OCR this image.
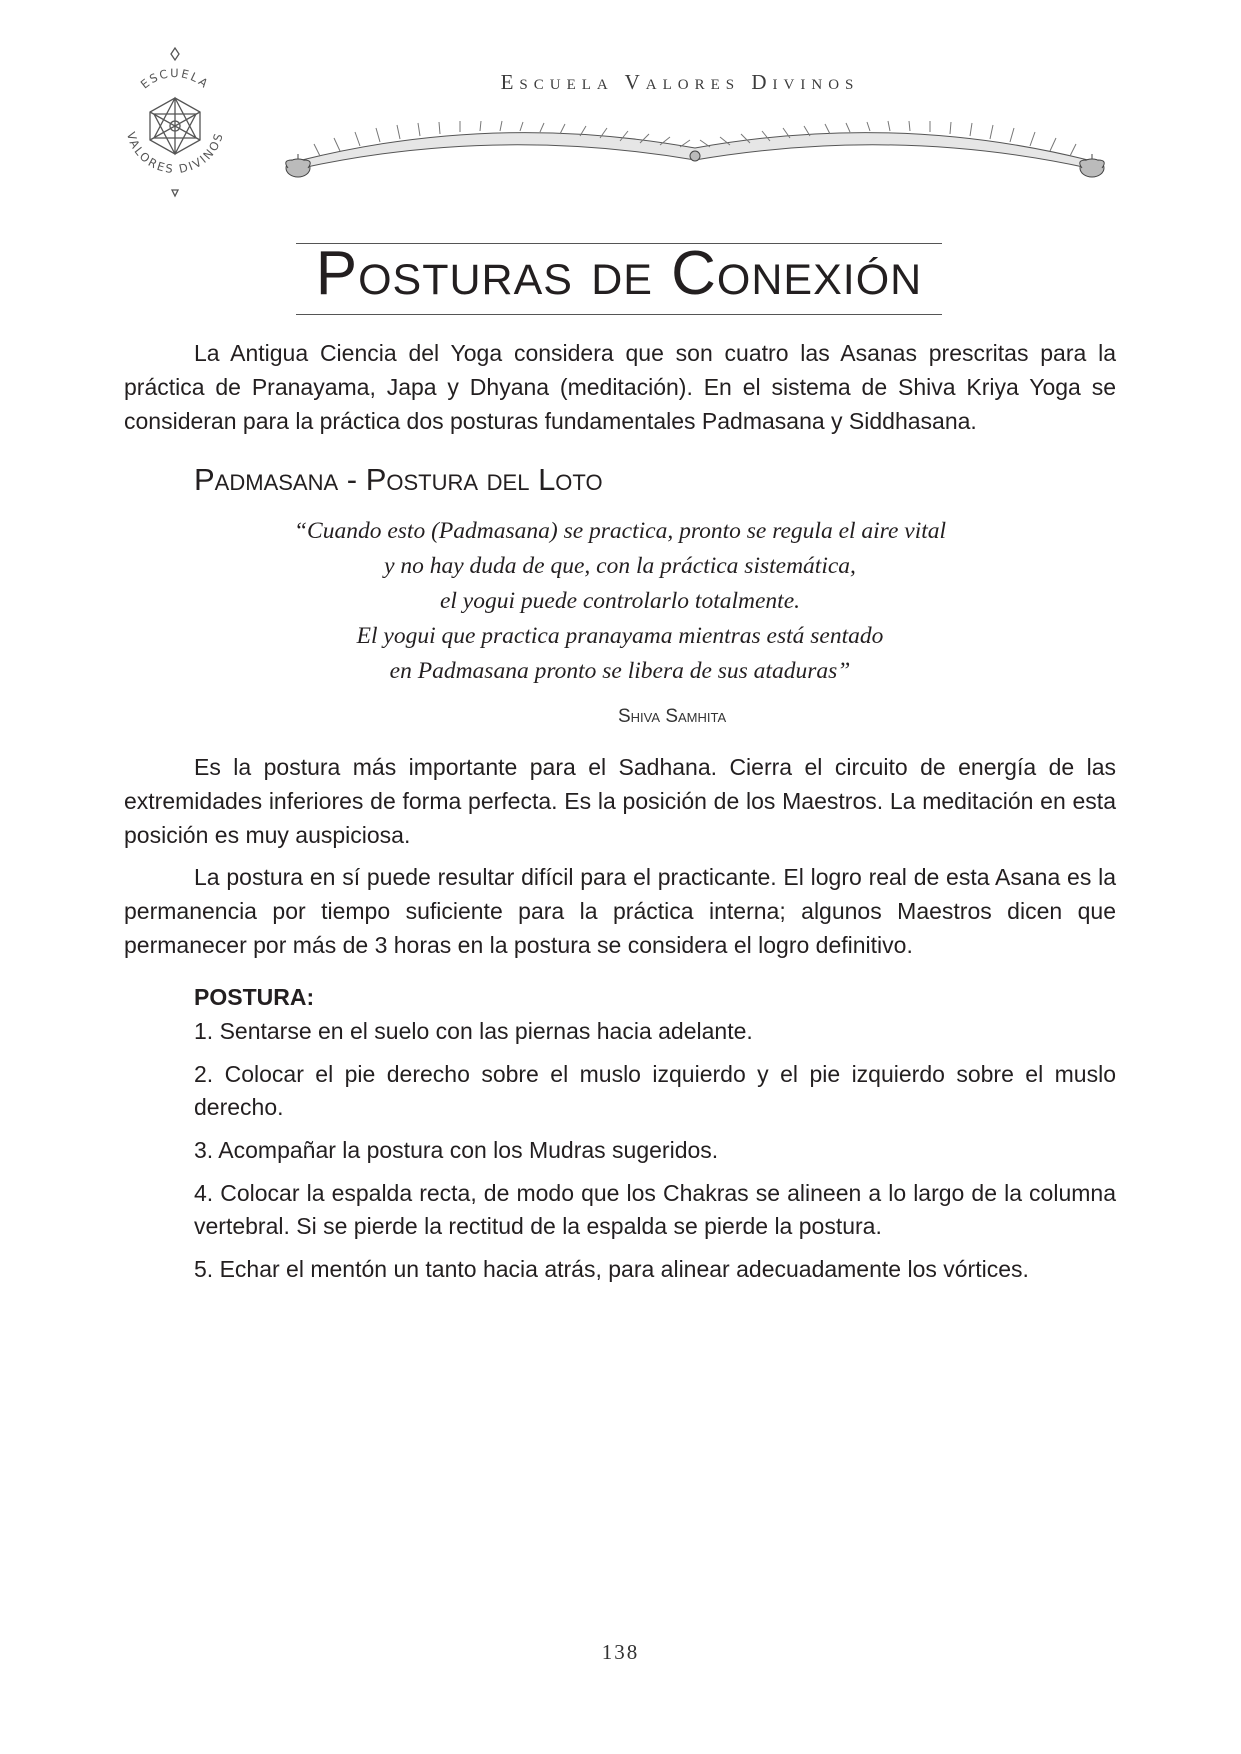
ESCUELA
VALORES DIVINOS
Escuela Valores Divinos
Posturas de Conexión

La Antigua Ciencia del Yoga considera que son cuatro las Asanas prescritas para la práctica de Pranayama, Japa y Dhyana (meditación). En el sistema de Shiva Kriya Yoga se consideran para la práctica dos posturas fundamentales Padmasana y Siddhasana.

Padmasana - Postura del Loto
“Cuando esto (Padmasana) se practica, pronto se regula el aire vital
y no hay duda de que, con la práctica sistemática,
el yogui puede controlarlo totalmente.
El yogui que practica pranayama mientras está sentado
en Padmasana pronto se libera de sus ataduras”
Shiva Samhita

Es la postura más importante para el Sadhana. Cierra el circuito de energía de las extremidades inferiores de forma perfecta. Es la posición de los Maestros. La meditación en esta posición es muy auspiciosa.

La postura en sí puede resultar difícil para el practicante. El logro real de esta Asana es la permanencia por tiempo suficiente para la práctica interna; algunos Maestros dicen que permanecer por más de 3 horas en la postura se considera el logro definitivo.

POSTURA:

1. Sentarse en el suelo con las piernas hacia adelante.

2. Colocar el pie derecho sobre el muslo izquierdo y el pie izquierdo sobre el muslo derecho.

3. Acompañar la postura con los Mudras sugeridos.

4. Colocar la espalda recta, de modo que los Chakras se alineen a lo largo de la columna vertebral. Si se pierde la rectitud de la espalda se pierde la postura.

5. Echar el mentón un tanto hacia atrás, para alinear adecuadamente los vórtices.

138
